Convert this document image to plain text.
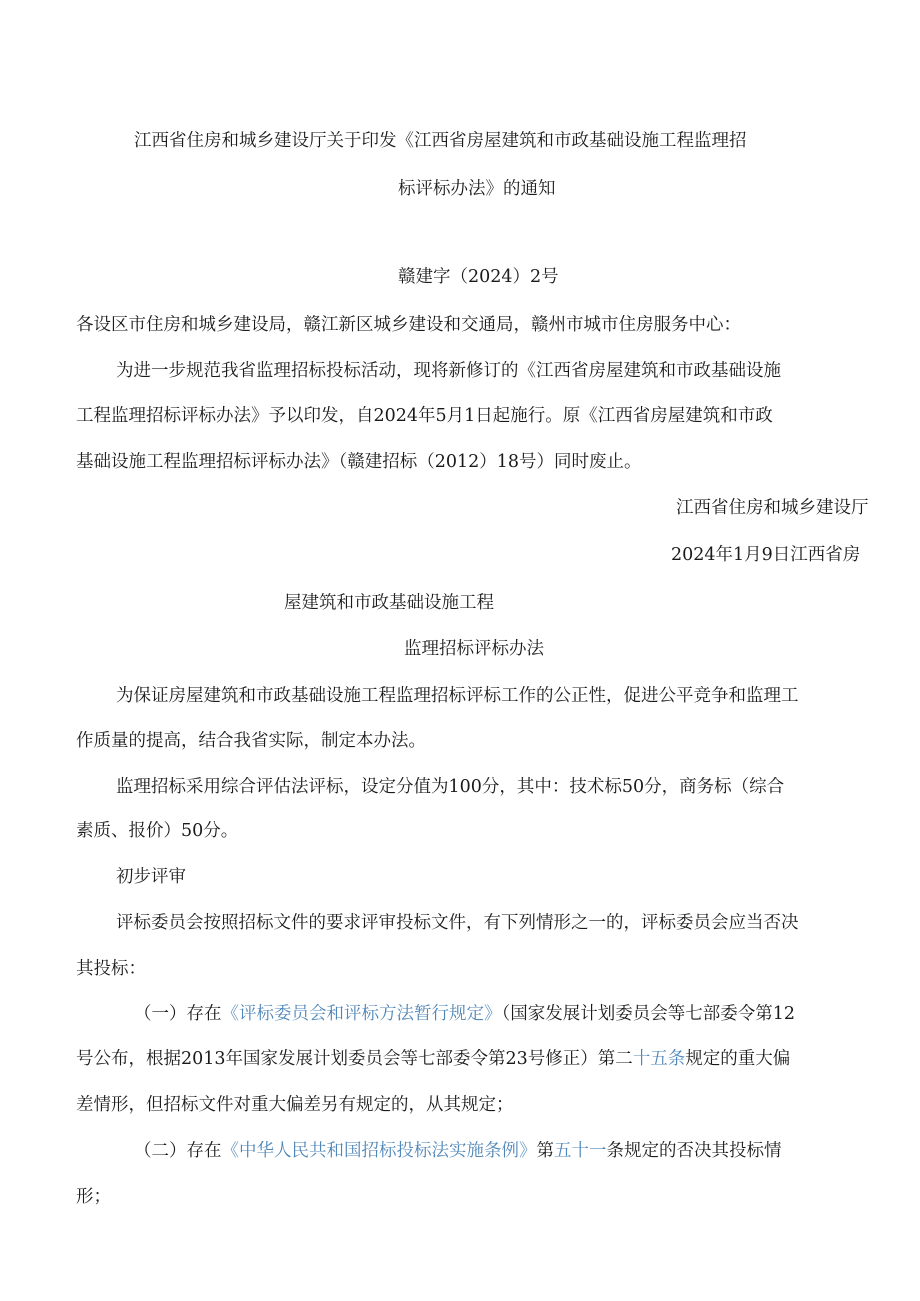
江西省住房和城乡建设厅关于印发《江西省房屋建筑和市政基础设施工程监理招
标评标办法》的通知
赣建字（2024）2号
各设区市住房和城乡建设局，赣江新区城乡建设和交通局，赣州市城市住房服务中心：
为进一步规范我省监理招标投标活动，现将新修订的《江西省房屋建筑和市政基础设施
工程监理招标评标办法》予以印发，自2024年5月1日起施行。原《江西省房屋建筑和市政
基础设施工程监理招标评标办法》（赣建招标（2012）18号）同时废止。
江西省住房和城乡建设厅
2024年1月9日江西省房
屋建筑和市政基础设施工程
监理招标评标办法
为保证房屋建筑和市政基础设施工程监理招标评标工作的公正性，促进公平竞争和监理工
作质量的提高，结合我省实际，制定本办法。
监理招标采用综合评估法评标，设定分值为100分，其中：技术标50分，商务标（综合
素质、报价）50分。
初步评审
评标委员会按照招标文件的要求评审投标文件，有下列情形之一的，评标委员会应当否决
其投标：
（一）存在《评标委员会和评标方法暂行规定》（国家发展计划委员会等七部委令第12
号公布，根据2013年国家发展计划委员会等七部委令第23号修正）第二十五条规定的重大偏
差情形，但招标文件对重大偏差另有规定的，从其规定；
（二）存在《中华人民共和国招标投标法实施条例》第五十一条规定的否决其投标情
形；
